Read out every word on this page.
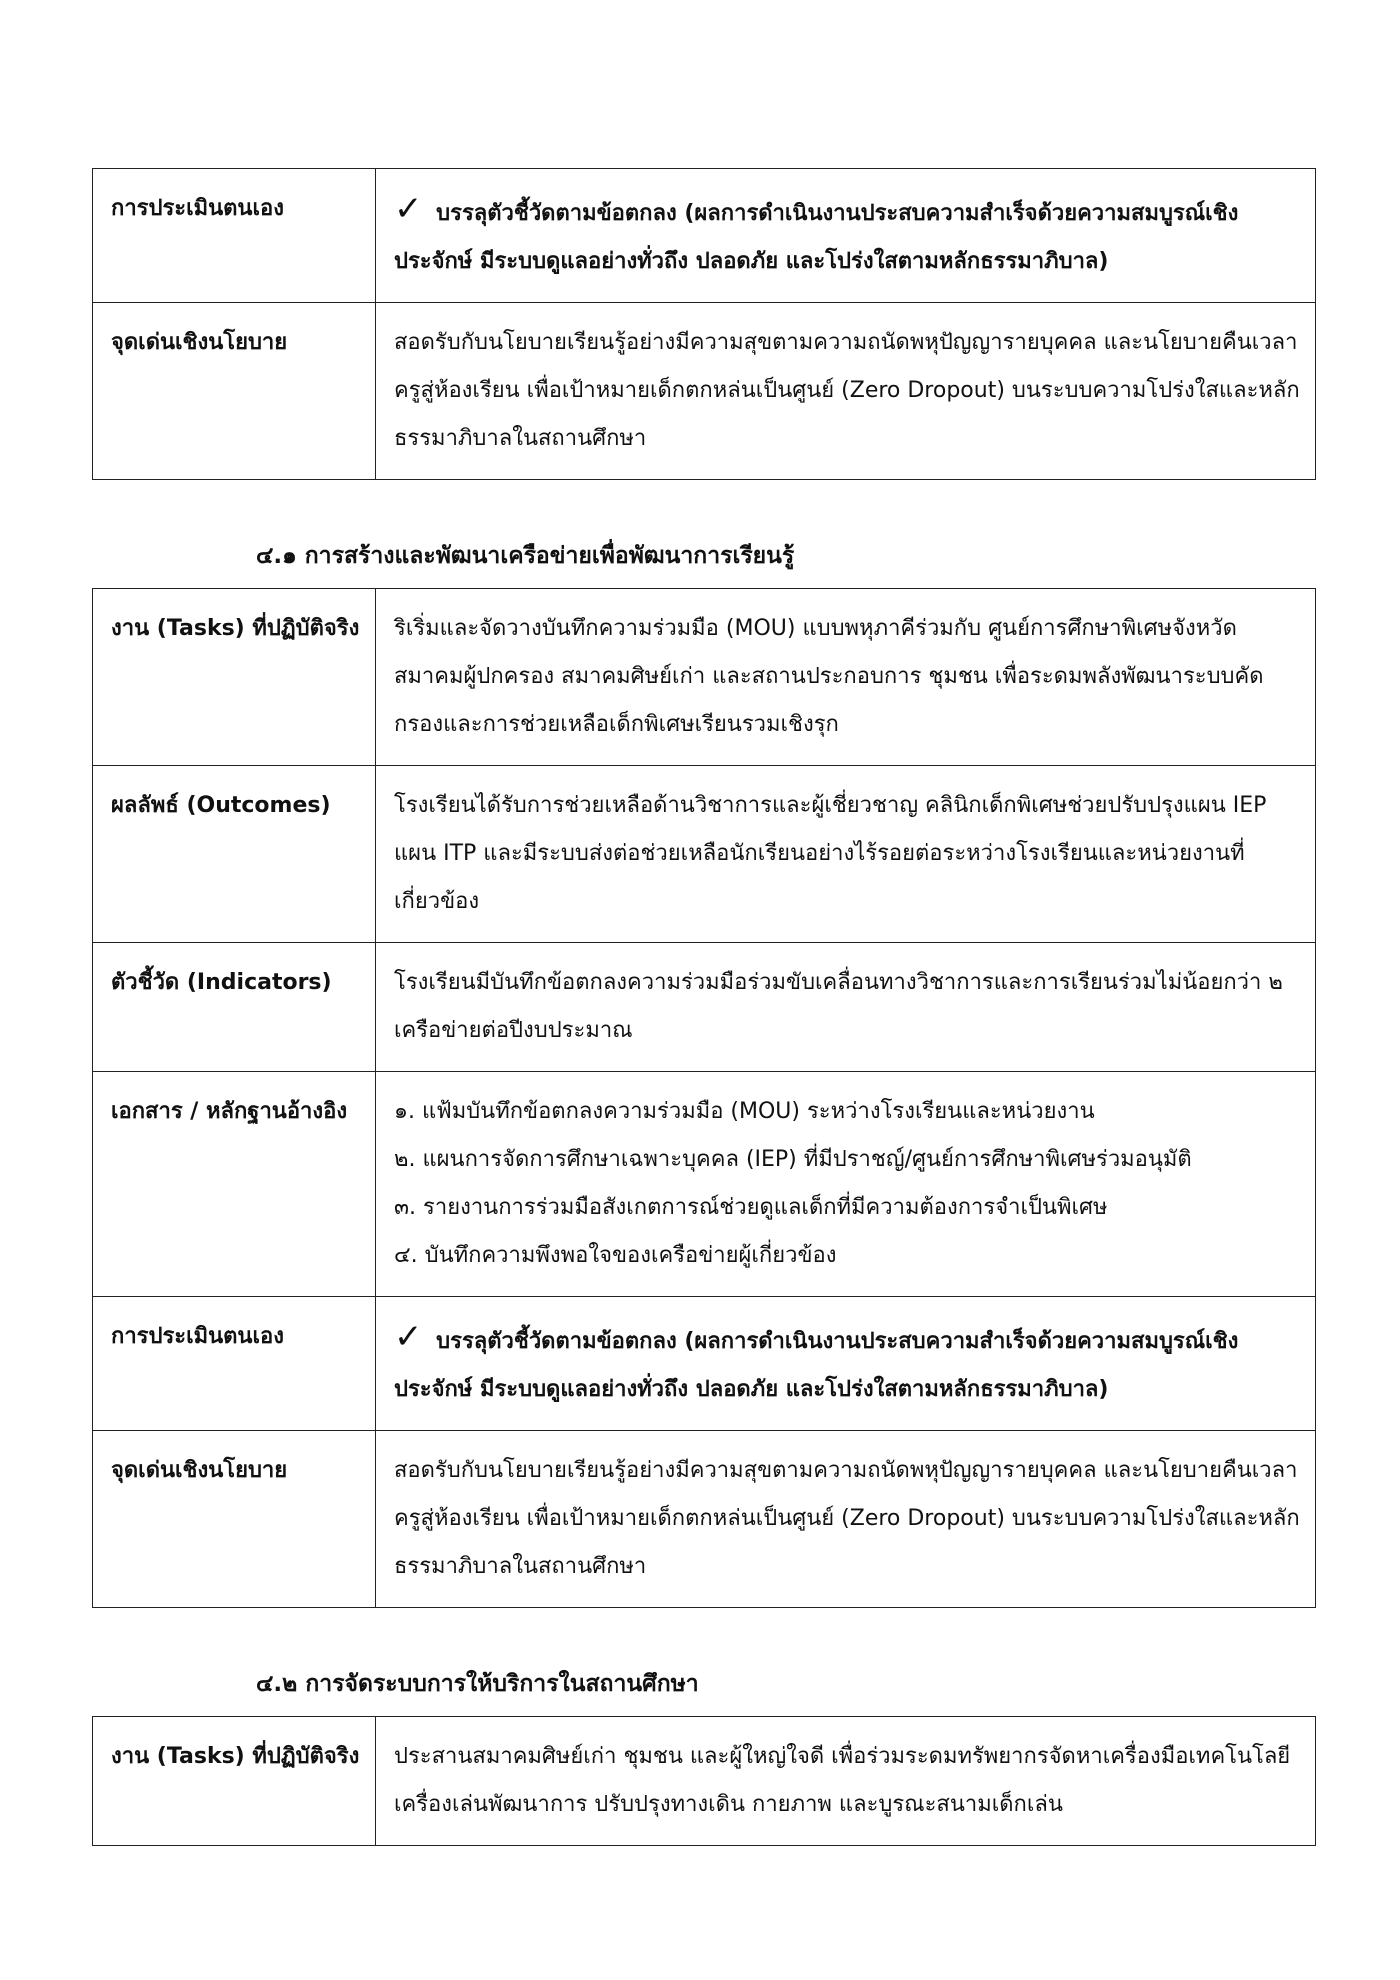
การประเมินตนเอง	✓ บรรลุตัวชี้วัดตามข้อตกลง (ผลการดำเนินงานประสบความสำเร็จด้วยความสมบูรณ์เชิงประจักษ์ มีระบบดูแลอย่างทั่วถึง ปลอดภัย และโปร่งใสตามหลักธรรมาภิบาล)
จุดเด่นเชิงนโยบาย	สอดรับกับนโยบายเรียนรู้อย่างมีความสุขตามความถนัดพหุปัญญารายบุคคล และนโยบายคืนเวลาครูสู่ห้องเรียน เพื่อเป้าหมายเด็กตกหล่นเป็นศูนย์ (Zero Dropout) บนระบบความโปร่งใสและหลักธรรมาภิบาลในสถานศึกษา
๔.๑ การสร้างและพัฒนาเครือข่ายเพื่อพัฒนาการเรียนรู้
งาน (Tasks) ที่ปฏิบัติจริง	ริเริ่มและจัดวางบันทึกความร่วมมือ (MOU) แบบพหุภาคีร่วมกับ ศูนย์การศึกษาพิเศษจังหวัด สมาคมผู้ปกครอง สมาคมศิษย์เก่า และสถานประกอบการ ชุมชน เพื่อระดมพลังพัฒนาระบบคัดกรองและการช่วยเหลือเด็กพิเศษเรียนรวมเชิงรุก
ผลลัพธ์ (Outcomes)	โรงเรียนได้รับการช่วยเหลือด้านวิชาการและผู้เชี่ยวชาญ คลินิกเด็กพิเศษช่วยปรับปรุงแผน IEP แผน ITP และมีระบบส่งต่อช่วยเหลือนักเรียนอย่างไร้รอยต่อระหว่างโรงเรียนและหน่วยงานที่เกี่ยวข้อง
ตัวชี้วัด (Indicators)	โรงเรียนมีบันทึกข้อตกลงความร่วมมือร่วมขับเคลื่อนทางวิชาการและการเรียนร่วมไม่น้อยกว่า ๒ เครือข่ายต่อปีงบประมาณ
เอกสาร / หลักฐานอ้างอิง	๑. แฟ้มบันทึกข้อตกลงความร่วมมือ (MOU) ระหว่างโรงเรียนและหน่วยงาน
๒. แผนการจัดการศึกษาเฉพาะบุคคล (IEP) ที่มีปราชญ์/ศูนย์การศึกษาพิเศษร่วมอนุมัติ
๓. รายงานการร่วมมือสังเกตการณ์ช่วยดูแลเด็กที่มีความต้องการจำเป็นพิเศษ
๔. บันทึกความพึงพอใจของเครือข่ายผู้เกี่ยวข้อง

การประเมินตนเอง	✓ บรรลุตัวชี้วัดตามข้อตกลง (ผลการดำเนินงานประสบความสำเร็จด้วยความสมบูรณ์เชิงประจักษ์ มีระบบดูแลอย่างทั่วถึง ปลอดภัย และโปร่งใสตามหลักธรรมาภิบาล)
จุดเด่นเชิงนโยบาย	สอดรับกับนโยบายเรียนรู้อย่างมีความสุขตามความถนัดพหุปัญญารายบุคคล และนโยบายคืนเวลาครูสู่ห้องเรียน เพื่อเป้าหมายเด็กตกหล่นเป็นศูนย์ (Zero Dropout) บนระบบความโปร่งใสและหลักธรรมาภิบาลในสถานศึกษา
๔.๒ การจัดระบบการให้บริการในสถานศึกษา
งาน (Tasks) ที่ปฏิบัติจริง	ประสานสมาคมศิษย์เก่า ชุมชน และผู้ใหญ่ใจดี เพื่อร่วมระดมทรัพยากรจัดหาเครื่องมือเทคโนโลยี เครื่องเล่นพัฒนาการ ปรับปรุงทางเดิน กายภาพ และบูรณะสนามเด็กเล่น
